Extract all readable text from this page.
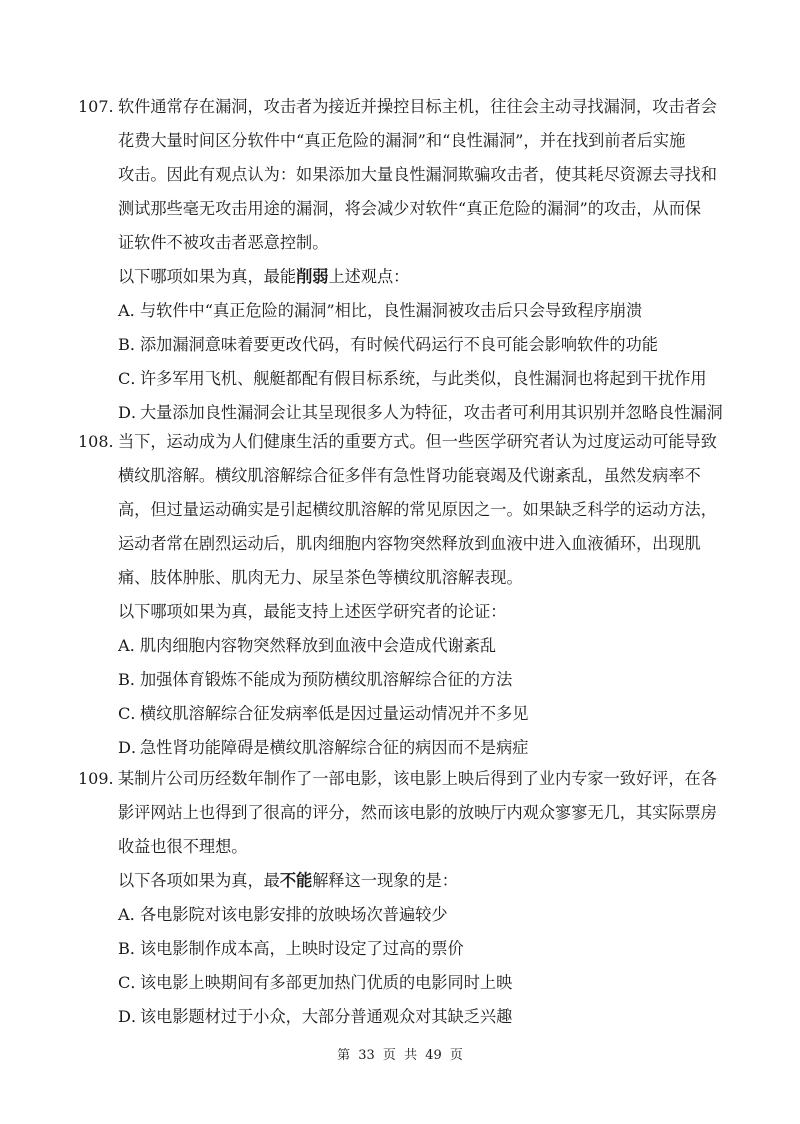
107. 软件通常存在漏洞，攻击者为接近并操控目标主机，往往会主动寻找漏洞，攻击者会
花费大量时间区分软件中“真正危险的漏洞”和“良性漏洞”，并在找到前者后实施
攻击。因此有观点认为：如果添加大量良性漏洞欺骗攻击者，使其耗尽资源去寻找和
测试那些毫无攻击用途的漏洞，将会减少对软件“真正危险的漏洞”的攻击，从而保
证软件不被攻击者恶意控制。
以下哪项如果为真，最能削弱上述观点：
A．与软件中“真正危险的漏洞”相比，良性漏洞被攻击后只会导致程序崩溃
B．添加漏洞意味着要更改代码，有时候代码运行不良可能会影响软件的功能
C．许多军用飞机、舰艇都配有假目标系统，与此类似，良性漏洞也将起到干扰作用
D．大量添加良性漏洞会让其呈现很多人为特征，攻击者可利用其识别并忽略良性漏洞
108. 当下，运动成为人们健康生活的重要方式。但一些医学研究者认为过度运动可能导致
横纹肌溶解。横纹肌溶解综合征多伴有急性肾功能衰竭及代谢紊乱，虽然发病率不
高，但过量运动确实是引起横纹肌溶解的常见原因之一。如果缺乏科学的运动方法，
运动者常在剧烈运动后，肌肉细胞内容物突然释放到血液中进入血液循环，出现肌
痛、肢体肿胀、肌肉无力、尿呈茶色等横纹肌溶解表现。
以下哪项如果为真，最能支持上述医学研究者的论证：
A．肌肉细胞内容物突然释放到血液中会造成代谢紊乱
B．加强体育锻炼不能成为预防横纹肌溶解综合征的方法
C．横纹肌溶解综合征发病率低是因过量运动情况并不多见
D．急性肾功能障碍是横纹肌溶解综合征的病因而不是病症
109. 某制片公司历经数年制作了一部电影，该电影上映后得到了业内专家一致好评，在各
影评网站上也得到了很高的评分，然而该电影的放映厅内观众寥寥无几，其实际票房
收益也很不理想。
以下各项如果为真，最不能解释这一现象的是：
A．各电影院对该电影安排的放映场次普遍较少
B．该电影制作成本高，上映时设定了过高的票价
C．该电影上映期间有多部更加热门优质的电影同时上映
D．该电影题材过于小众，大部分普通观众对其缺乏兴趣
第 33 页 共 49 页
